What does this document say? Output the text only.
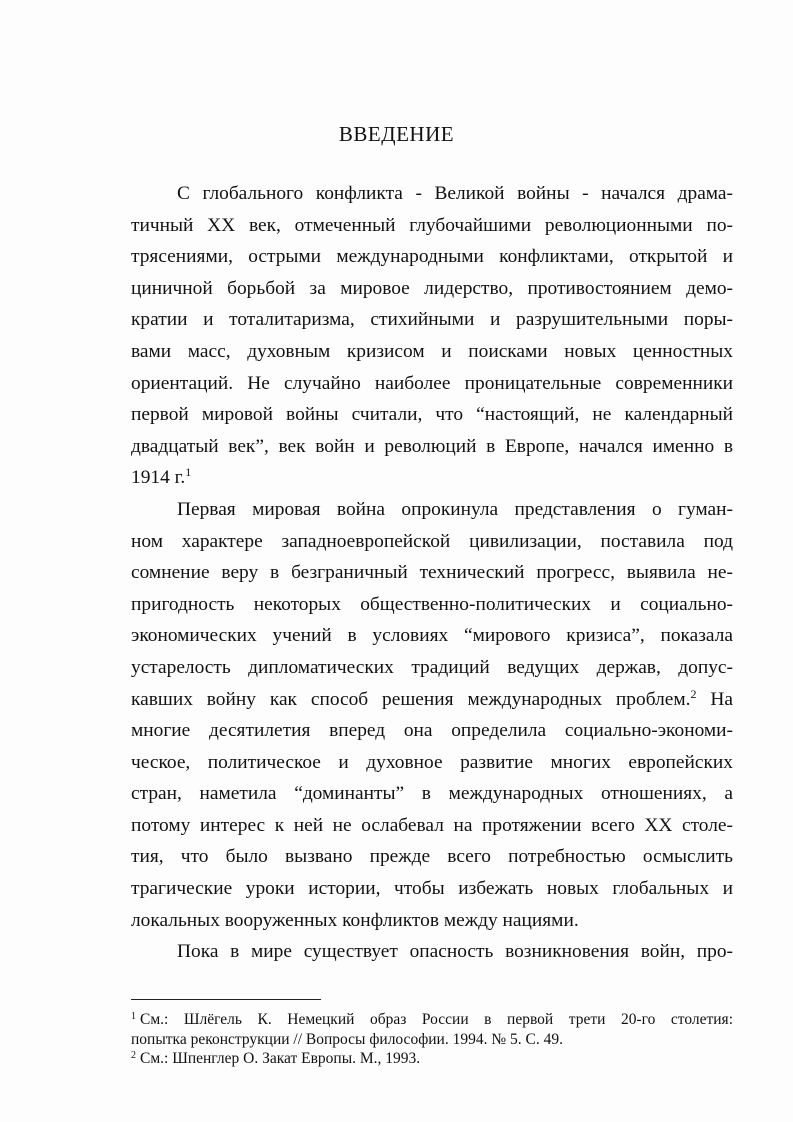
ВВЕДЕНИЕ
С глобального конфликта - Великой войны - начался драма-
тичный XX век, отмеченный глубочайшими революционными по-
трясениями, острыми международными конфликтами, открытой и
циничной борьбой за мировое лидерство, противостоянием демо-
кратии и тоталитаризма, стихийными и разрушительными поры-
вами масс, духовным кризисом и поисками новых ценностных
ориентаций. Не случайно наиболее проницательные современники
первой мировой войны считали, что “настоящий, не календарный
двадцатый век”, век войн и революций в Европе, начался именно в
1914 г.$^1$
Первая мировая война опрокинула представления о гуман-
ном характере западноевропейской цивилизации, поставила под
сомнение веру в безграничный технический прогресс, выявила не-
пригодность некоторых общественно-политических и социально-
экономических учений в условиях “мирового кризиса”, показала
устарелость дипломатических традиций ведущих держав, допус-
кавших войну как способ решения международных проблем.$^2$ На
многие десятилетия вперед она определила социально-экономи-
ческое, политическое и духовное развитие многих европейских
стран, наметила “доминанты” в международных отношениях, а
потому интерес к ней не ослабевал на протяжении всего XX столе-
тия, что было вызвано прежде всего потребностью осмыслить
трагические уроки истории, чтобы избежать новых глобальных и
локальных вооруженных конфликтов между нациями.
Пока в мире существует опасность возникновения войн, про-
$^1$ См.: Шлёгель К. Немецкий образ России в первой трети 20-го столетия:
попытка реконструкции // Вопросы философии. 1994. № 5. С. 49.
$^2$ См.: Шпенглер О. Закат Европы. М., 1993.
